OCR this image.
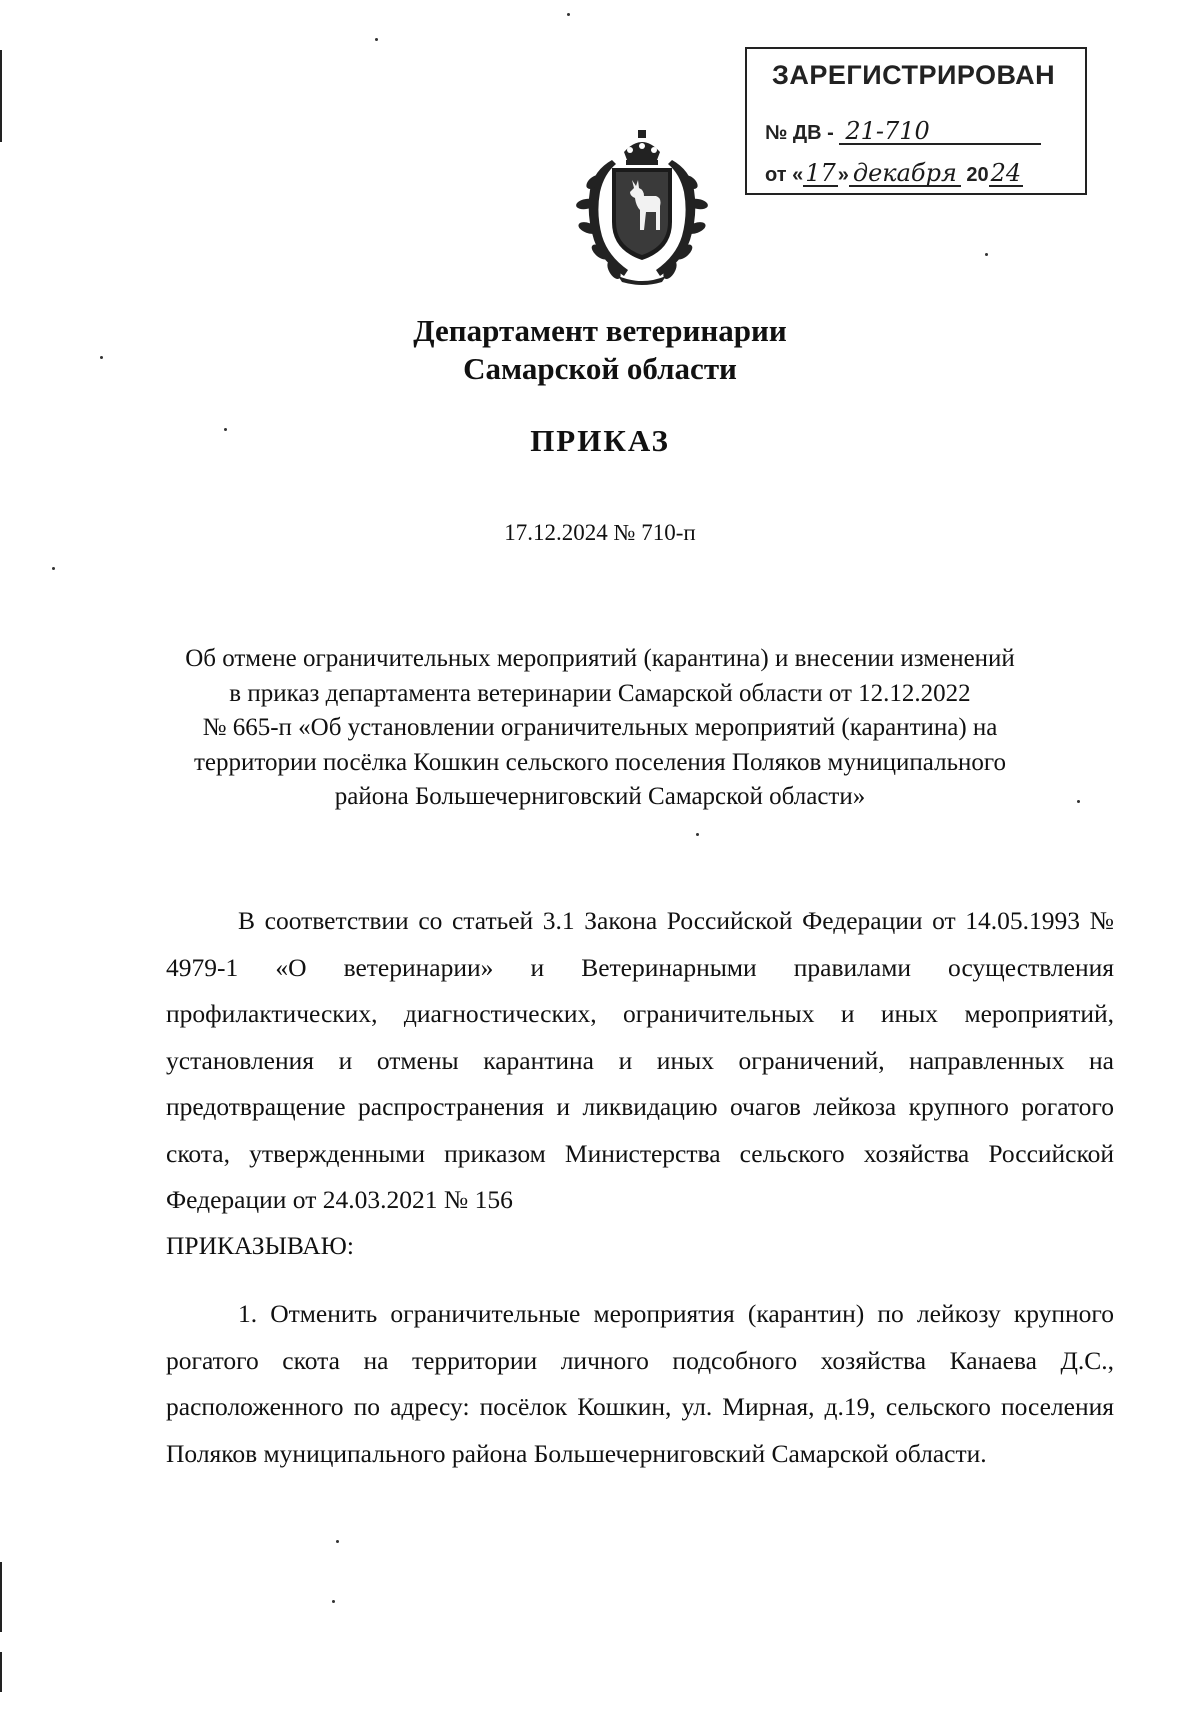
ЗАРЕГИСТРИРОВАН
№ ДВ - 21-710
от «17 » декабря 2024
Департамент ветеринарии
Самарской области
ПРИКАЗ
17.12.2024 № 710-п
Об отмене ограничительных мероприятий (карантина) и внесении изменений
в приказ департамента ветеринарии Самарской области от 12.12.2022
№ 665-п «Об установлении ограничительных мероприятий (карантина) на
территории посёлка Кошкин сельского поселения Поляков муниципального
района Большечерниговский Самарской области»
В соответствии со статьей 3.1 Закона Российской Федерации от 14.05.1993 № 4979-1 «О ветеринарии» и Ветеринарными правилами осуществления профилактических, диагностических, ограничительных и иных мероприятий, установления и отмены карантина и иных ограничений, направленных на предотвращение распространения и ликвидацию очагов лейкоза крупного рогатого скота, утвержденными приказом Министерства сельского хозяйства Российской Федерации от 24.03.2021 № 156
ПРИКАЗЫВАЮ:
1. Отменить ограничительные мероприятия (карантин) по лейкозу крупного рогатого скота на территории личного подсобного хозяйства Канаева Д.С., расположенного по адресу: посёлок Кошкин, ул. Мирная, д.19, сельского поселения Поляков муниципального района Большечерниговский Самарской области.
